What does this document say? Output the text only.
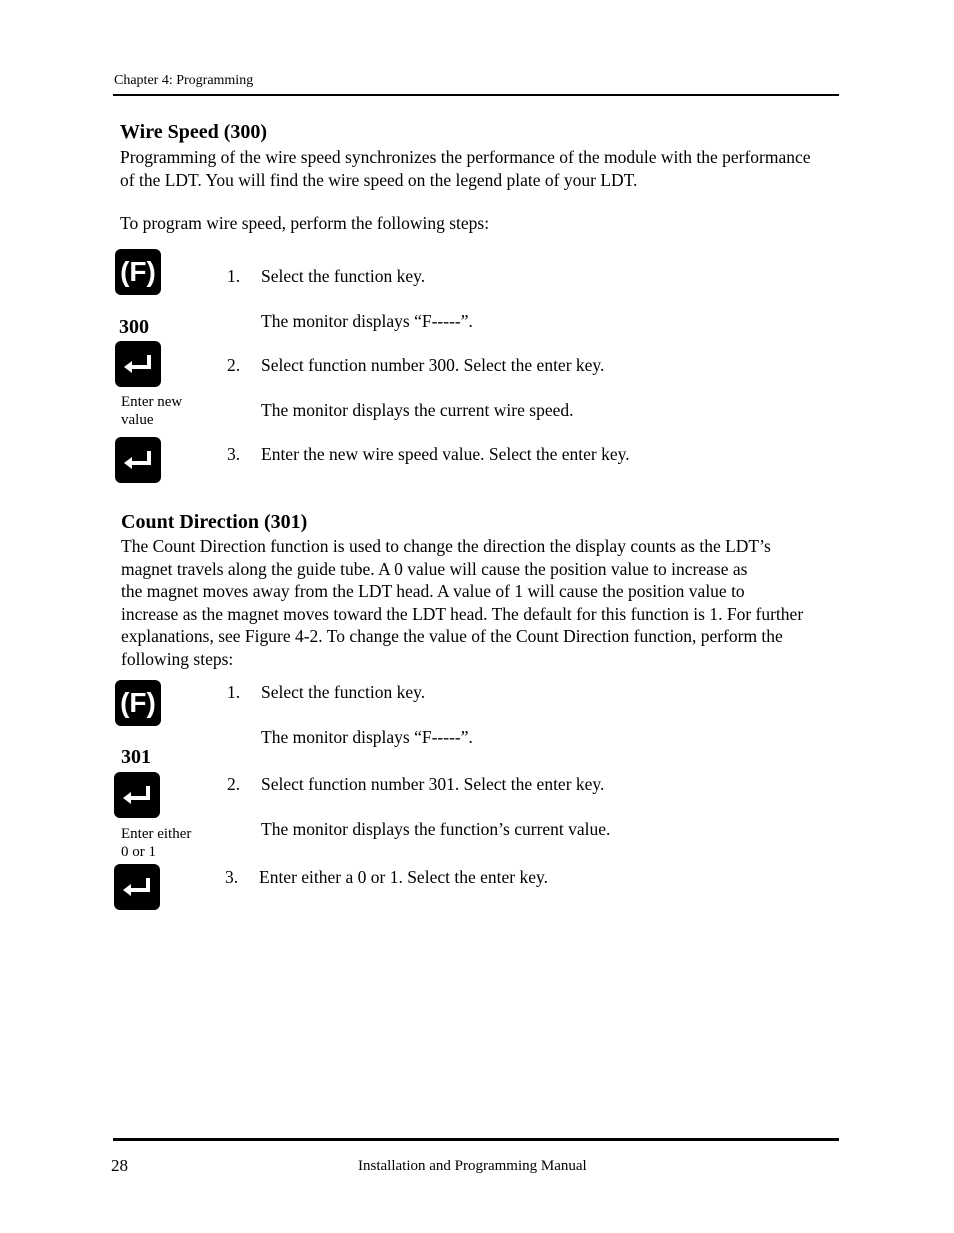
Chapter 4: Programming
Wire Speed (300)
Programming of the wire speed synchronizes the performance of the module with the performance
of the LDT. You will find the wire speed on the legend plate of your LDT.
To program wire speed, perform the following steps:
(F)
300
Enter new
value
1. Select the function key.
The monitor displays “F-----”.
2. Select function number 300. Select the enter key.
The monitor displays the current wire speed.
3. Enter the new wire speed value. Select the enter key.
Count Direction (301)
The Count Direction function is used to change the direction the display counts as the LDT’s
magnet travels along the guide tube. A 0 value will cause the position value to increase as
the magnet moves away from the LDT head. A value of 1 will cause the position value to
increase as the magnet moves toward the LDT head. The default for this function is 1. For further
explanations, see Figure 4-2. To change the value of the Count Direction function, perform the
following steps:
(F)
301
Enter either
0 or 1
1. Select the function key.
The monitor displays “F-----”.
2. Select function number 301. Select the enter key.
The monitor displays the function’s current value.
3. Enter either a 0 or 1. Select the enter key.
28	Installation and Programming Manual
